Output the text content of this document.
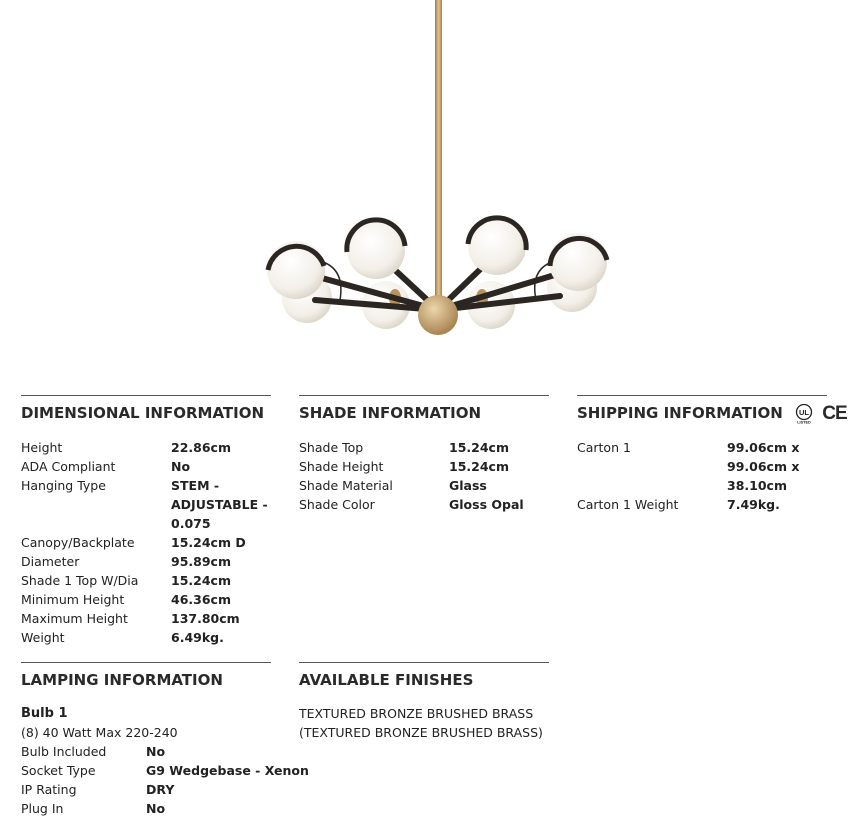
DIMENSIONAL INFORMATION
Height	22.86cm
ADA Compliant	No
Hanging Type	STEM - ADJUSTABLE - 0.075
Canopy/Backplate	15.24cm D
Diameter	95.89cm
Shade 1 Top W/Dia	15.24cm
Minimum Height	46.36cm
Maximum Height	137.80cm
Weight	6.49kg.
SHADE INFORMATION
Shade Top	15.24cm
Shade Height	15.24cm
Shade Material	Glass
Shade Color	Gloss Opal
SHIPPING INFORMATION UL
LISTED CE
Carton 1	99.06cm x 99.06cm x 38.10cm
Carton 1 Weight	7.49kg.
LAMPING INFORMATION
Bulb 1
(8) 40 Watt Max 220-240
Bulb Included	No
Socket Type	G9 Wedgebase - Xenon
IP Rating	DRY
Plug In	No
AVAILABLE FINISHES
TEXTURED BRONZE BRUSHED BRASS
(TEXTURED BRONZE BRUSHED BRASS)
